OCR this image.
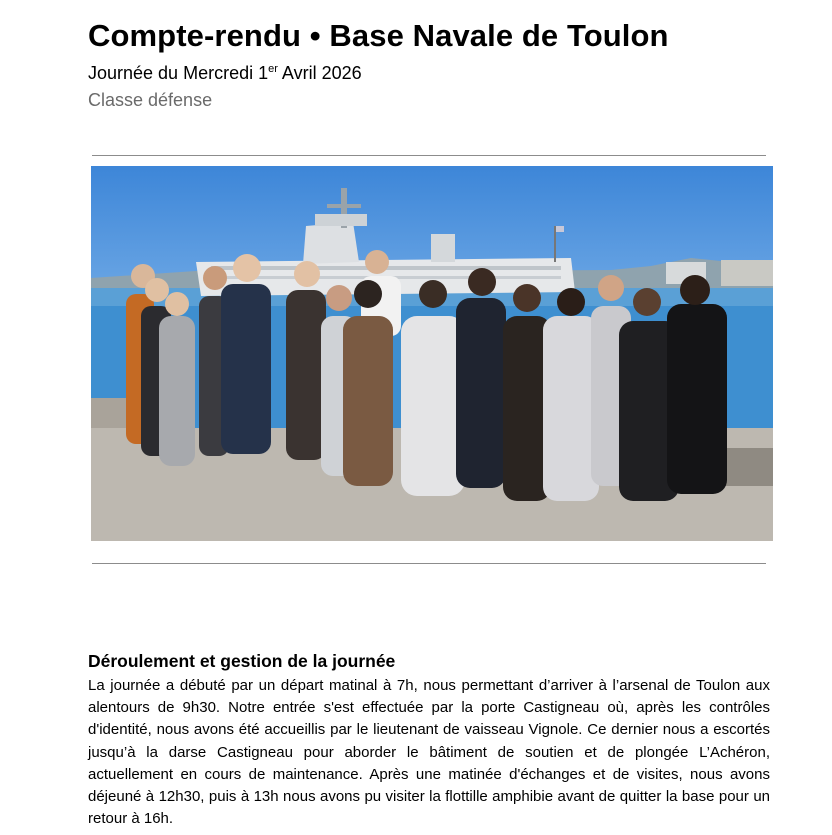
Compte-rendu • Base Navale de Toulon
Journée du Mercredi 1er Avril 2026
Classe défense
Déroulement et gestion de la journée

La journée a débuté par un départ matinal à 7h, nous permettant d’arriver à l’arsenal de Toulon aux alentours de 9h30. Notre entrée s'est effectuée par la porte Castigneau où, après les contrôles d'identité, nous avons été accueillis par le lieutenant de vaisseau Vignole. Ce dernier nous a escortés jusqu’à la darse Castigneau pour aborder le bâtiment de soutien et de plongée L’Achéron, actuellement en cours de maintenance. Après une matinée d'échanges et de visites, nous avons déjeuné à 12h30, puis à 13h nous avons pu visiter la flottille amphibie avant de quitter la base pour un retour à 16h.
